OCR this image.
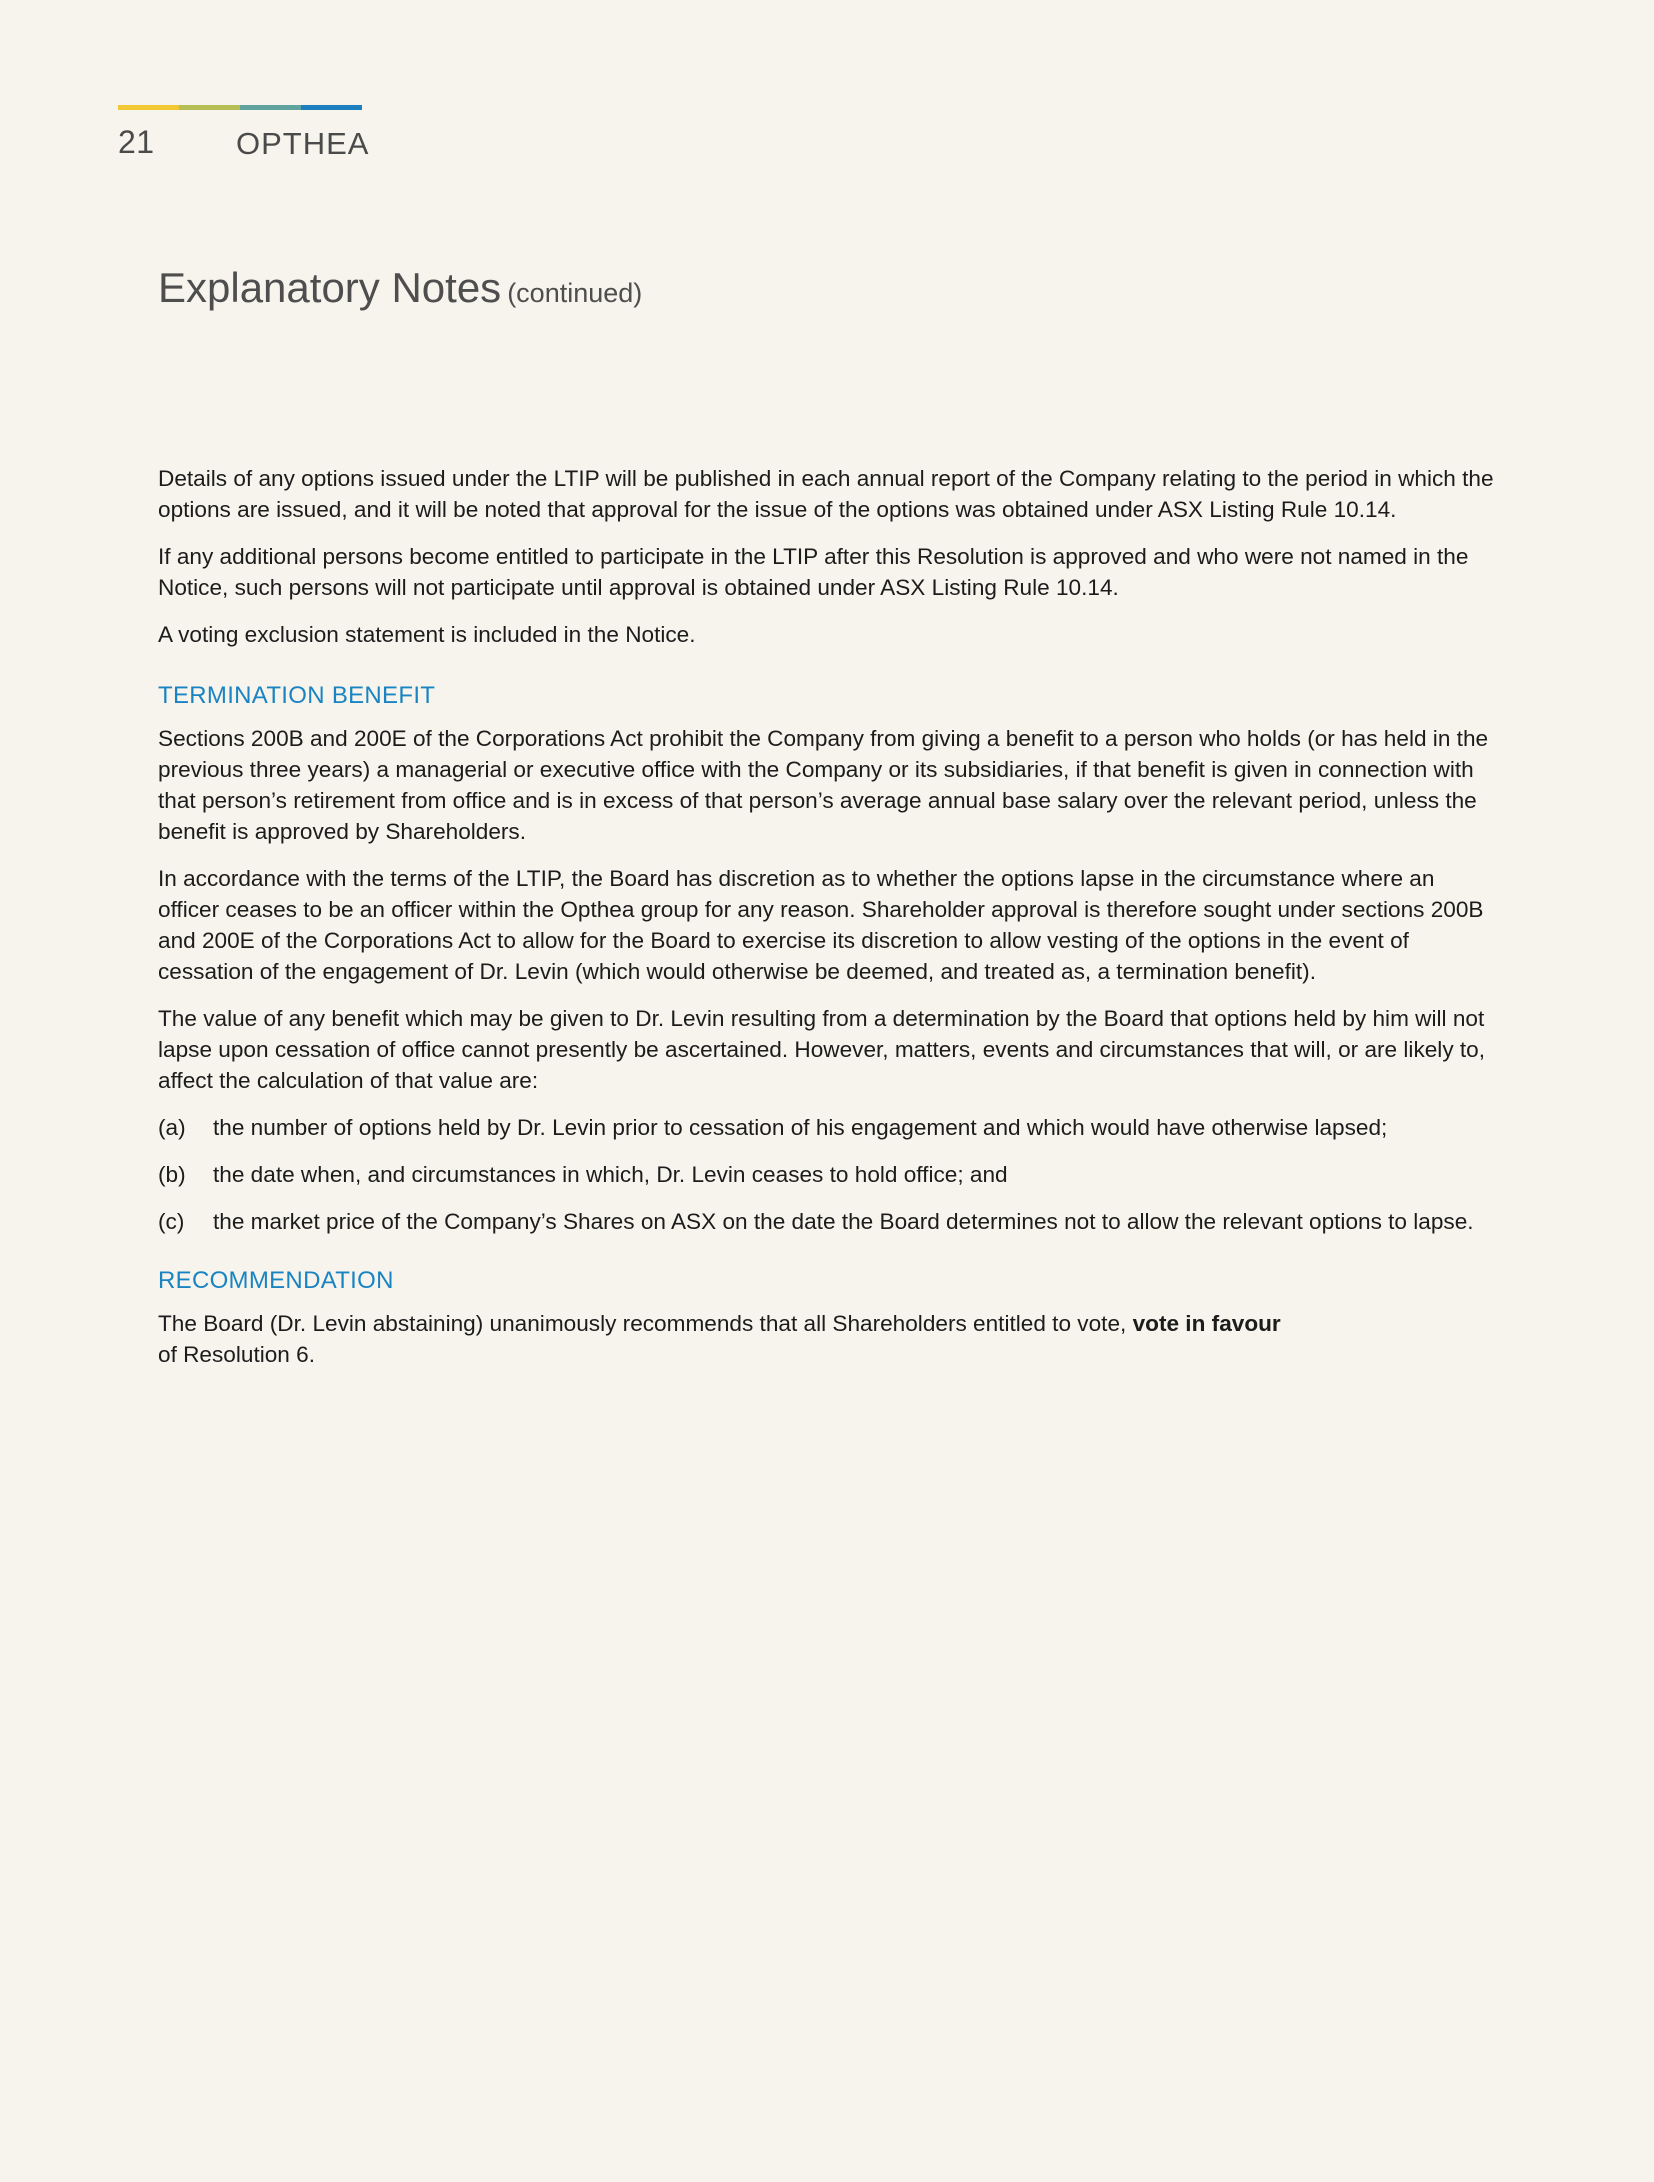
21	OPTHEA
Explanatory Notes (continued)

Details of any options issued under the LTIP will be published in each annual report of the Company relating to the period in which the options are issued, and it will be noted that approval for the issue of the options was obtained under ASX Listing Rule 10.14.

If any additional persons become entitled to participate in the LTIP after this Resolution is approved and who were not named in the Notice, such persons will not participate until approval is obtained under ASX Listing Rule 10.14.

A voting exclusion statement is included in the Notice.

TERMINATION BENEFIT

Sections 200B and 200E of the Corporations Act prohibit the Company from giving a benefit to a person who holds (or has held in the previous three years) a managerial or executive office with the Company or its subsidiaries, if that benefit is given in connection with that person’s retirement from office and is in excess of that person’s average annual base salary over the relevant period, unless the benefit is approved by Shareholders.

In accordance with the terms of the LTIP, the Board has discretion as to whether the options lapse in the circumstance where an officer ceases to be an officer within the Opthea group for any reason. Shareholder approval is therefore sought under sections 200B and 200E of the Corporations Act to allow for the Board to exercise its discretion to allow vesting of the options in the event of cessation of the engagement of Dr. Levin (which would otherwise be deemed, and treated as, a termination benefit).

The value of any benefit which may be given to Dr. Levin resulting from a determination by the Board that options held by him will not lapse upon cessation of office cannot presently be ascertained. However, matters, events and circumstances that will, or are likely to, affect the calculation of that value are:

(a)	the number of options held by Dr. Levin prior to cessation of his engagement and which would have otherwise lapsed;
(b)	the date when, and circumstances in which, Dr. Levin ceases to hold office; and
(c)	the market price of the Company’s Shares on ASX on the date the Board determines not to allow the relevant options to lapse.
RECOMMENDATION

The Board (Dr. Levin abstaining) unanimously recommends that all Shareholders entitled to vote, vote in favour
of Resolution 6.
